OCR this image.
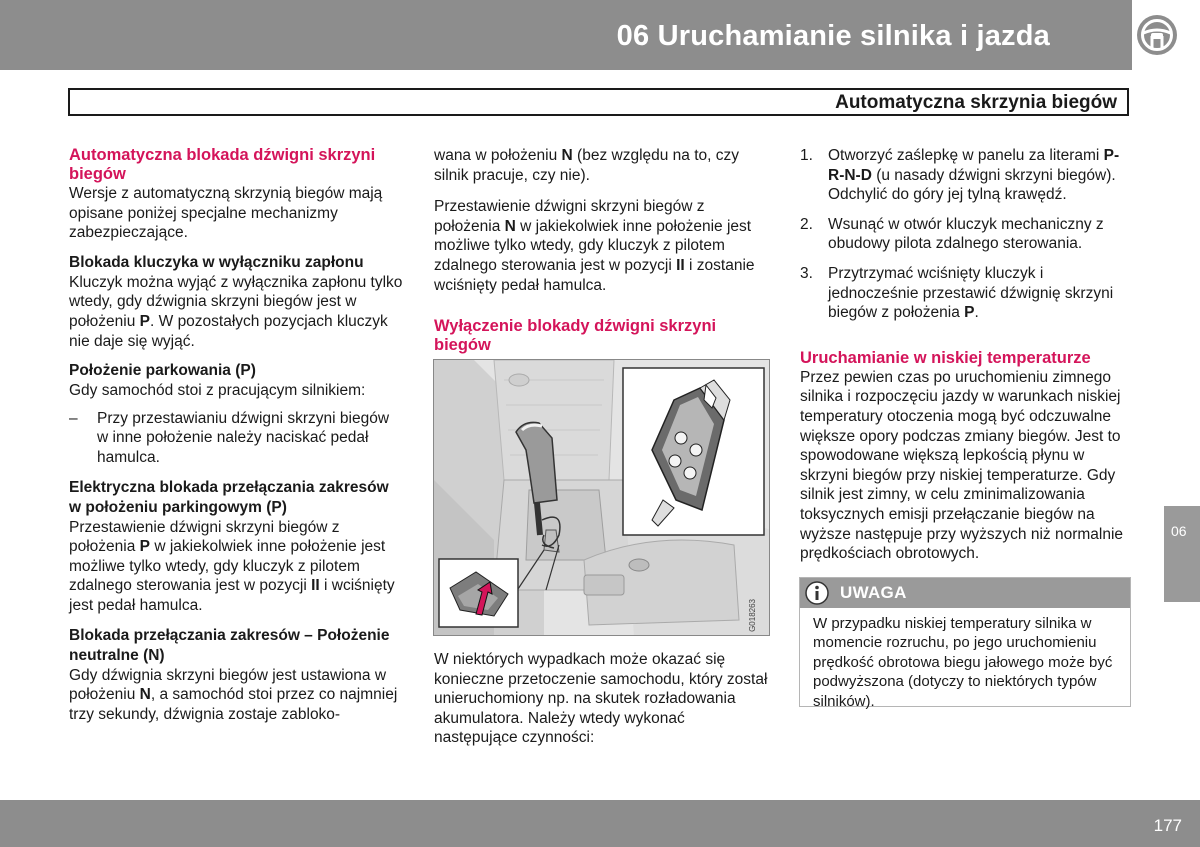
06 Uruchamianie silnika i jazda
Automatyczna skrzynia biegów
Automatyczna blokada dźwigni skrzyni biegów

Wersje z automatyczną skrzynią biegów mają opisane poniżej specjalne mechanizmy zabezpieczające.

Blokada kluczyka w wyłączniku zapłonu

Kluczyk można wyjąć z wyłącznika zapłonu tylko wtedy, gdy dźwignia skrzyni biegów jest w położeniu P. W pozostałych pozycjach kluczyk nie daje się wyjąć.

Położenie parkowania (P)

Gdy samochód stoi z pracującym silnikiem:

– Przy przestawianiu dźwigni skrzyni biegów w inne położenie należy naciskać pedał hamulca.
Elektryczna blokada przełączania zakresów w położeniu parkingowym (P)

Przestawienie dźwigni skrzyni biegów z położenia P w jakiekolwiek inne położenie jest możliwe tylko wtedy, gdy kluczyk z pilotem zdalnego sterowania jest w pozycji II i wciśnięty jest pedał hamulca.

Blokada przełączania zakresów – Położenie neutralne (N)

Gdy dźwignia skrzyni biegów jest ustawiona w położeniu N, a samochód stoi przez co najmniej trzy sekundy, dźwignia zostaje zabloko-

wana w położeniu N (bez względu na to, czy silnik pracuje, czy nie).

Przestawienie dźwigni skrzyni biegów z położenia N w jakiekolwiek inne położenie jest możliwe tylko wtedy, gdy kluczyk z pilotem zdalnego sterowania jest w pozycji II i zostanie wciśnięty pedał hamulca.

Wyłączenie blokady dźwigni skrzyni biegów
G018263

W niektórych wypadkach może okazać się konieczne przetoczenie samochodu, który został unieruchomiony np. na skutek rozładowania akumulatora. Należy wtedy wykonać następujące czynności:

1. Otworzyć zaślepkę w panelu za literami P-R-N-D (u nasady dźwigni skrzyni biegów). Odchylić do góry jej tylną krawędź.
2. Wsunąć w otwór kluczyk mechaniczny z obudowy pilota zdalnego sterowania.
3. Przytrzymać wciśnięty kluczyk i jednocześnie przestawić dźwignię skrzyni biegów z położenia P.
Uruchamianie w niskiej temperaturze

Przez pewien czas po uruchomieniu zimnego silnika i rozpoczęciu jazdy w warunkach niskiej temperatury otoczenia mogą być odczuwalne większe opory podczas zmiany biegów. Jest to spowodowane większą lepkością płynu w skrzyni biegów przy niskiej temperaturze. Gdy silnik jest zimny, w celu zminimalizowania toksycznych emisji przełączanie biegów na wyższe następuje przy wyższych niż normalnie prędkościach obrotowych.

UWAGA
W przypadku niskiej temperatury silnika w momencie rozruchu, po jego uruchomieniu prędkość obrotowa biegu jałowego może być podwyższona (dotyczy to niektórych typów silników).
06
177
